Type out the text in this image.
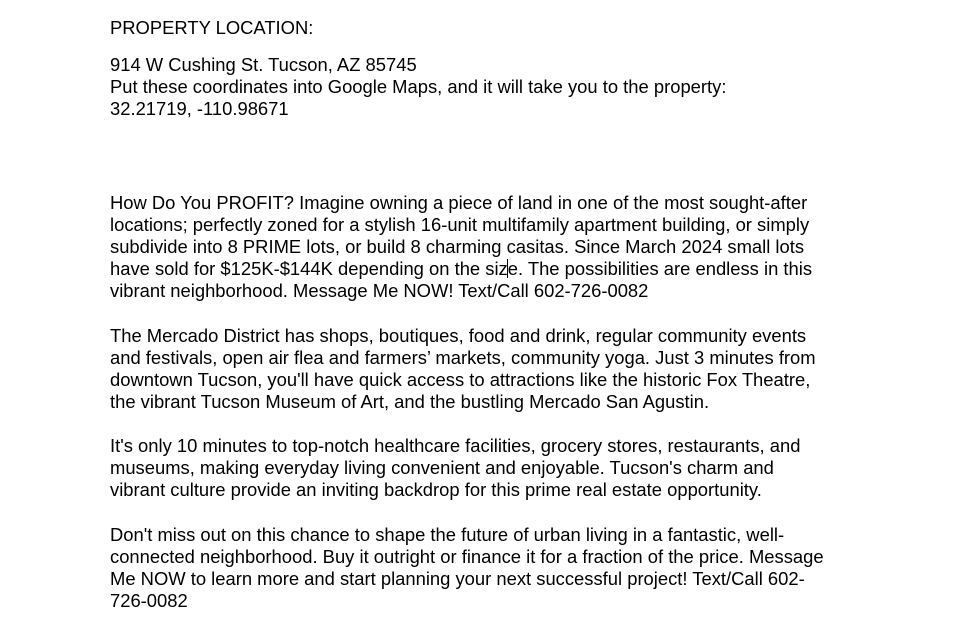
PROPERTY LOCATION:
914 W Cushing St. Tucson, AZ 85745
Put these coordinates into Google Maps, and it will take you to the property:
32.21719, -110.98671
How Do You PROFIT? Imagine owning a piece of land in one of the most sought-after
locations; perfectly zoned for a stylish 16-unit multifamily apartment building, or simply
subdivide into 8 PRIME lots, or build 8 charming casitas. Since March 2024 small lots
have sold for $125K-$144K depending on the size. The possibilities are endless in this
vibrant neighborhood. Message Me NOW! Text/Call 602-726-0082
The Mercado District has shops, boutiques, food and drink, regular community events
and festivals, open air flea and farmers’ markets, community yoga. Just 3 minutes from
downtown Tucson, you'll have quick access to attractions like the historic Fox Theatre,
the vibrant Tucson Museum of Art, and the bustling Mercado San Agustin.
It's only 10 minutes to top-notch healthcare facilities, grocery stores, restaurants, and
museums, making everyday living convenient and enjoyable. Tucson's charm and
vibrant culture provide an inviting backdrop for this prime real estate opportunity.
Don't miss out on this chance to shape the future of urban living in a fantastic, well-
connected neighborhood. Buy it outright or finance it for a fraction of the price. Message
Me NOW to learn more and start planning your next successful project! Text/Call 602-
726-0082
